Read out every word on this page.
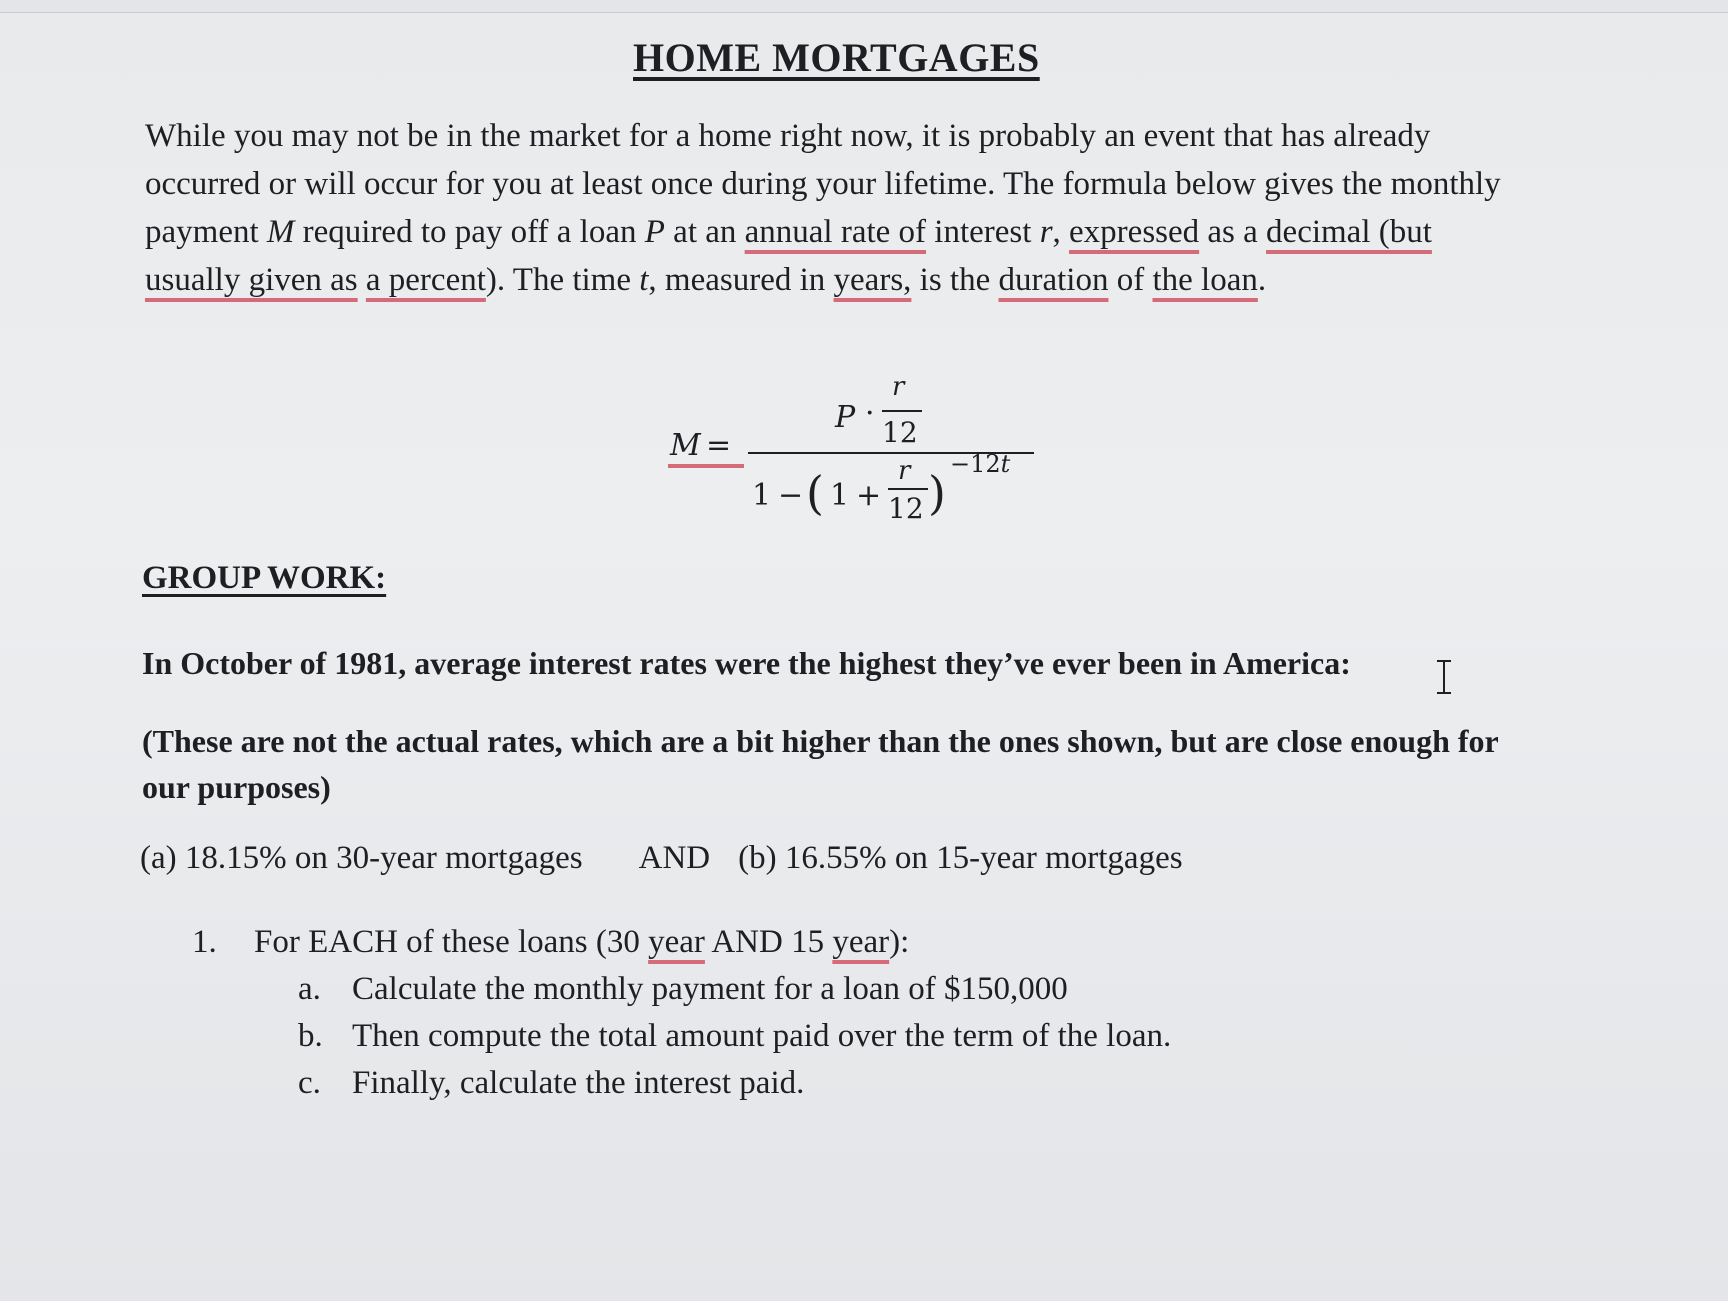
HOME MORTGAGES

While you may not be in the market for a home right now, it is probably an event that has already occurred or will occur for you at least once during your lifetime. The formula below gives the monthly payment M required to pay off a loan P at an annual rate of interest r, expressed as a decimal (but usually given as a percent). The time t, measured in years, is the duration of the loan.

M =
P ·
r
12
1 − ( 1 +
r
12 )
−12t
GROUP WORK:

In October of 1981, average interest rates were the highest they’ve ever been in America:

(These are not the actual rates, which are a bit higher than the ones shown, but are close enough for our purposes)

(a) 18.15% on 30-year mortgages AND (b) 16.55% on 15-year mortgages
1. For EACH of these loans (30 year AND 15 year):
a. Calculate the monthly payment for a loan of $150,000
b. Then compute the total amount paid over the term of the loan.
c. Finally, calculate the interest paid.
